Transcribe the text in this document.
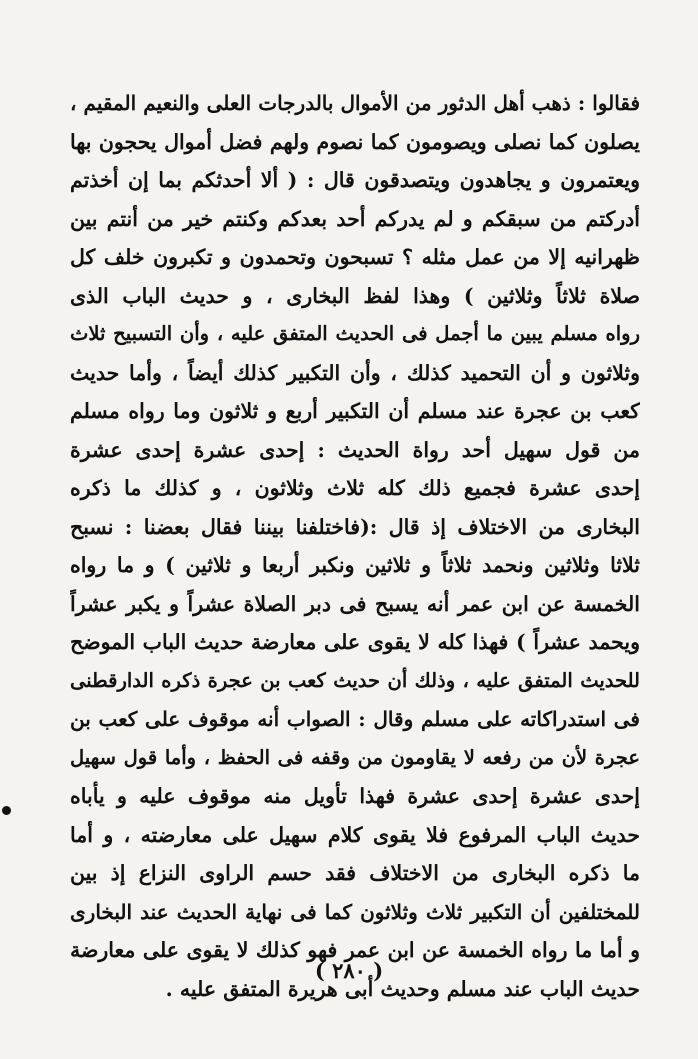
فقالوا : ذهب أهل الدثور من الأموال بالدرجات العلى والنعيم المقيم ،
يصلون كما نصلى ويصومون كما نصوم ولهم فضل أموال يحجون بها
ويعتمرون و يجاهدون ويتصدقون قال : ( ألا أحدثكم بما إن أخذتم
أدركتم من سبقكم و لم يدركم أحد بعدكم وكنتم خير من أنتم بين
ظهرانيه إلا من عمل مثله ؟ تسبحون وتحمدون و تكبرون خلف كل
صلاة ثلاثاً وثلاثين ) وهذا لفظ البخارى ، و حديث الباب الذى
رواه مسلم يبين ما أجمل فى الحديث المتفق عليه ، وأن التسبيح ثلاث
وثلاثون و أن التحميد كذلك ، وأن التكبير كذلك أيضاً ، وأما حديث
كعب بن عجرة عند مسلم أن التكبير أربع و ثلاثون وما رواه مسلم
من قول سهيل أحد رواة الحديث : إحدى عشرة إحدى عشرة
إحدى عشرة فجميع ذلك كله ثلاث وثلاثون ، و كذلك ما ذكره
البخارى من الاختلاف إذ قال :(فاختلفنا بيننا فقال بعضنا : نسبح
ثلاثا وثلاثين ونحمد ثلاثاً و ثلاثين ونكبر أربعا و ثلاثين ) و ما رواه
الخمسة عن ابن عمر أنه يسبح فى دبر الصلاة عشراً و يكبر عشراً
ويحمد عشراً ) فهذا كله لا يقوى على معارضة حديث الباب الموضح
للحديث المتفق عليه ، وذلك أن حديث كعب بن عجرة ذكره الدارقطنى
فى استدراكاته على مسلم وقال : الصواب أنه موقوف على كعب بن
عجرة لأن من رفعه لا يقاومون من وقفه فى الحفظ ، وأما قول سهيل
إحدى عشرة إحدى عشرة فهذا تأويل منه موقوف عليه و يأباه
حديث الباب المرفوع فلا يقوى كلام سهيل على معارضته ، و أما
ما ذكره البخارى من الاختلاف فقد حسم الراوى النزاع إذ بين
للمختلفين أن التكبير ثلاث وثلاثون كما فى نهاية الحديث عند البخارى
و أما ما رواه الخمسة عن ابن عمر فهو كذلك لا يقوى على معارضة
حديث الباب عند مسلم وحديث أبى هريرة المتفق عليه .
( ٢٨٠ )
